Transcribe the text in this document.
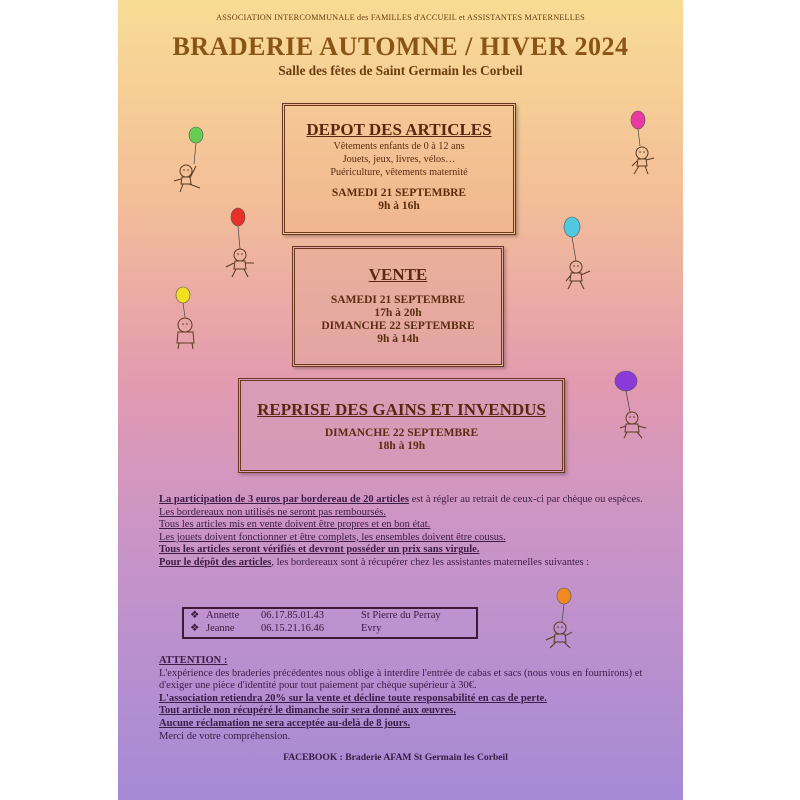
ASSOCIATION INTERCOMMUNALE des FAMILLES d'ACCUEIL et ASSISTANTES MATERNELLES
BRADERIE AUTOMNE / HIVER 2024
Salle des fêtes de Saint Germain les Corbeil
DEPOT DES ARTICLES
Vêtements enfants de 0 à 12 ans
Jouets, jeux, livres, vélos…
Puériculture, vêtements maternité
SAMEDI 21 SEPTEMBRE
9h à 16h
VENTE
SAMEDI 21 SEPTEMBRE
17h à 20h
DIMANCHE 22 SEPTEMBRE
9h à 14h
REPRISE DES GAINS ET INVENDUS
DIMANCHE 22 SEPTEMBRE
18h à 19h
La participation de 3 euros par bordereau de 20 articles est à régler au retrait de ceux-ci par chèque ou espèces.
Les bordereaux non utilisés ne seront pas remboursés.
Tous les articles mis en vente doivent être propres et en bon état.
Les jouets doivent fonctionner et être complets, les ensembles doivent être cousus.
Tous les articles seront vérifiés et devront posséder un prix sans virgule.
Pour le dépôt des articles, les bordereaux sont à récupérer chez les assistantes maternelles suivantes :
❖ Annette 06.17.85.01.43	St Pierre du Perray
❖ Jeanne	06.15.21.16.46	Evry
ATTENTION :
L'expérience des braderies précédentes nous oblige à interdire l'entrée de cabas et sacs (nous vous en fournirons) et d'exiger une pièce d'identité pour tout paiement par chèque supérieur à 30€.
L'association retiendra 20% sur la vente et décline toute responsabilité en cas de perte.
Tout article non récupéré le dimanche soir sera donné aux œuvres.
Aucune réclamation ne sera acceptée au-delà de 8 jours.
Merci de votre compréhension.
FACEBOOK : Braderie AFAM St Germain les Corbeil
